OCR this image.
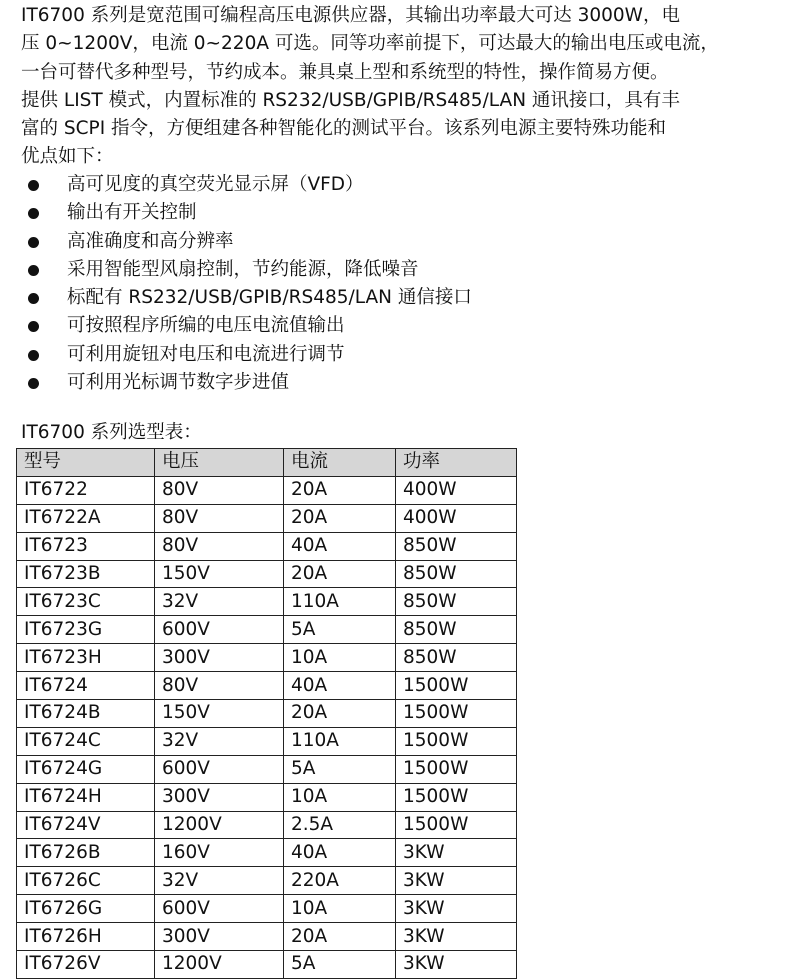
IT6700 系列是宽范围可编程高压电源供应器，其输出功率最大可达 3000W，电
压 0~1200V，电流 0~220A 可选。同等功率前提下，可达最大的输出电压或电流，
一台可替代多种型号，节约成本。兼具桌上型和系统型的特性，操作简易方便。
提供 LIST 模式，内置标准的 RS232/USB/GPIB/RS485/LAN 通讯接口，具有丰
富的 SCPI 指令，方便组建各种智能化的测试平台。该系列电源主要特殊功能和
优点如下：

高可见度的真空荧光显示屏（VFD）
输出有开关控制
高准确度和高分辨率
采用智能型风扇控制，节约能源，降低噪音
标配有 RS232/USB/GPIB/RS485/LAN 通信接口
可按照程序所编的电压电流值输出
可利用旋钮对电压和电流进行调节
可利用光标调节数字步进值

IT6700 系列选型表：

型号	电压	电流	功率
IT6722	80V	20A	400W
IT6722A	80V	20A	400W
IT6723	80V	40A	850W
IT6723B	150V	20A	850W
IT6723C	32V	110A	850W
IT6723G	600V	5A	850W
IT6723H	300V	10A	850W
IT6724	80V	40A	1500W
IT6724B	150V	20A	1500W
IT6724C	32V	110A	1500W
IT6724G	600V	5A	1500W
IT6724H	300V	10A	1500W
IT6724V	1200V	2.5A	1500W
IT6726B	160V	40A	3KW
IT6726C	32V	220A	3KW
IT6726G	600V	10A	3KW
IT6726H	300V	20A	3KW
IT6726V	1200V	5A	3KW
